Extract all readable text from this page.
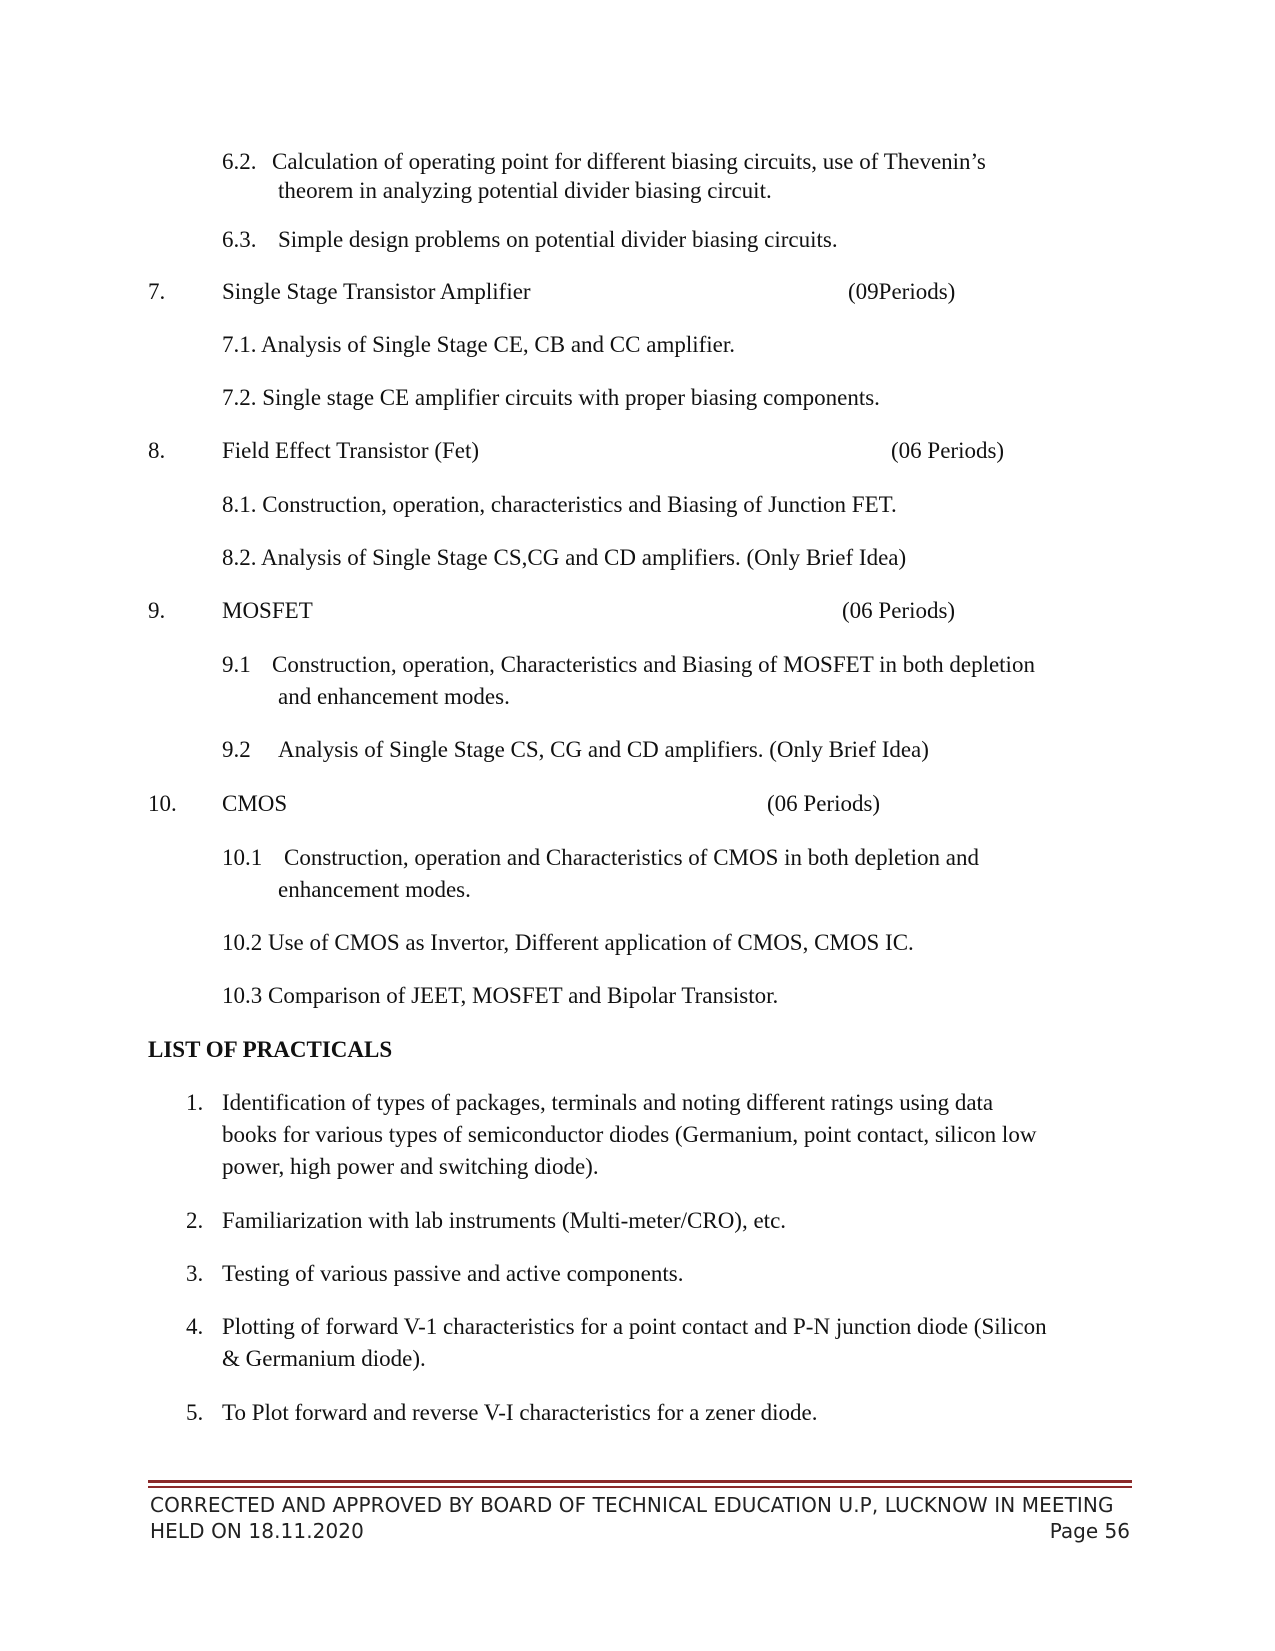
6.2. Calculation of operating point for different biasing circuits, use of Thevenin’s
theorem in analyzing potential divider biasing circuit.
6.3. Simple design problems on potential divider biasing circuits.
7. Single Stage Transistor Amplifier	(09Periods)
7.1. Analysis of Single Stage CE, CB and CC amplifier.
7.2. Single stage CE amplifier circuits with proper biasing components.
8. Field Effect Transistor (Fet)	(06 Periods)
8.1. Construction, operation, characteristics and Biasing of Junction FET.
8.2. Analysis of Single Stage CS,CG and CD amplifiers. (Only Brief Idea)
9. MOSFET	(06 Periods)
9.1 Construction, operation, Characteristics and Biasing of MOSFET in both depletion
and enhancement modes.
9.2 Analysis of Single Stage CS, CG and CD amplifiers. (Only Brief Idea)
10. CMOS	(06 Periods)
10.1 Construction, operation and Characteristics of CMOS in both depletion and
enhancement modes.
10.2 Use of CMOS as Invertor, Different application of CMOS, CMOS IC.
10.3 Comparison of JEET, MOSFET and Bipolar Transistor.
LIST OF PRACTICALS
1. Identification of types of packages, terminals and noting different ratings using data
books for various types of semiconductor diodes (Germanium, point contact, silicon low
power, high power and switching diode).
2. Familiarization with lab instruments (Multi-meter/CRO), etc.
3. Testing of various passive and active components.
4. Plotting of forward V-1 characteristics for a point contact and P-N junction diode (Silicon
& Germanium diode).
5. To Plot forward and reverse V-I characteristics for a zener diode.
CORRECTED AND APPROVED BY BOARD OF TECHNICAL EDUCATION U.P, LUCKNOW IN MEETING
HELD ON 18.11.2020	Page 56
